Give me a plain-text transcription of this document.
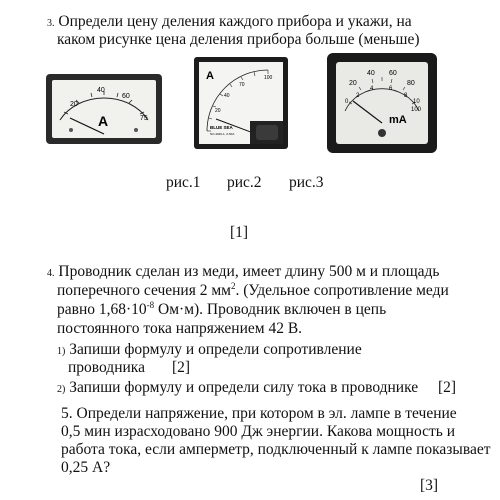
3. Определи цену деления каждого прибора и укажи, на
каком рисунке цена деления прибора больше (меньше)
20
40
60
75
A
A	100
70
40
20
BLUE SEA
NO.4020-1, 0-50A
20
40 60
80
2
4	6
8
0	10
100
mA
рис.1 рис.2 рис.3
[1]
4. Проводник сделан из меди, имеет длину 500 м и площадь
поперечного сечения 2 $мм^2$. (Удельное сопротивление меди
равно $1,68\cdot 10^{-8}$ Ом·м). Проводник включен в цепь
постоянного тока напряжением 42 В.
1) Запиши формулу и определи сопротивление
проводника [2]
2) Запиши формулу и определи силу тока в проводнике [2]
5. Определи напряжение, при котором в эл. лампе в течение
0,5 мин израсходовано 900 Дж энергии. Какова мощность и
работа тока, если амперметр, подключенный к лампе показывает
0,25 А?
[3]
